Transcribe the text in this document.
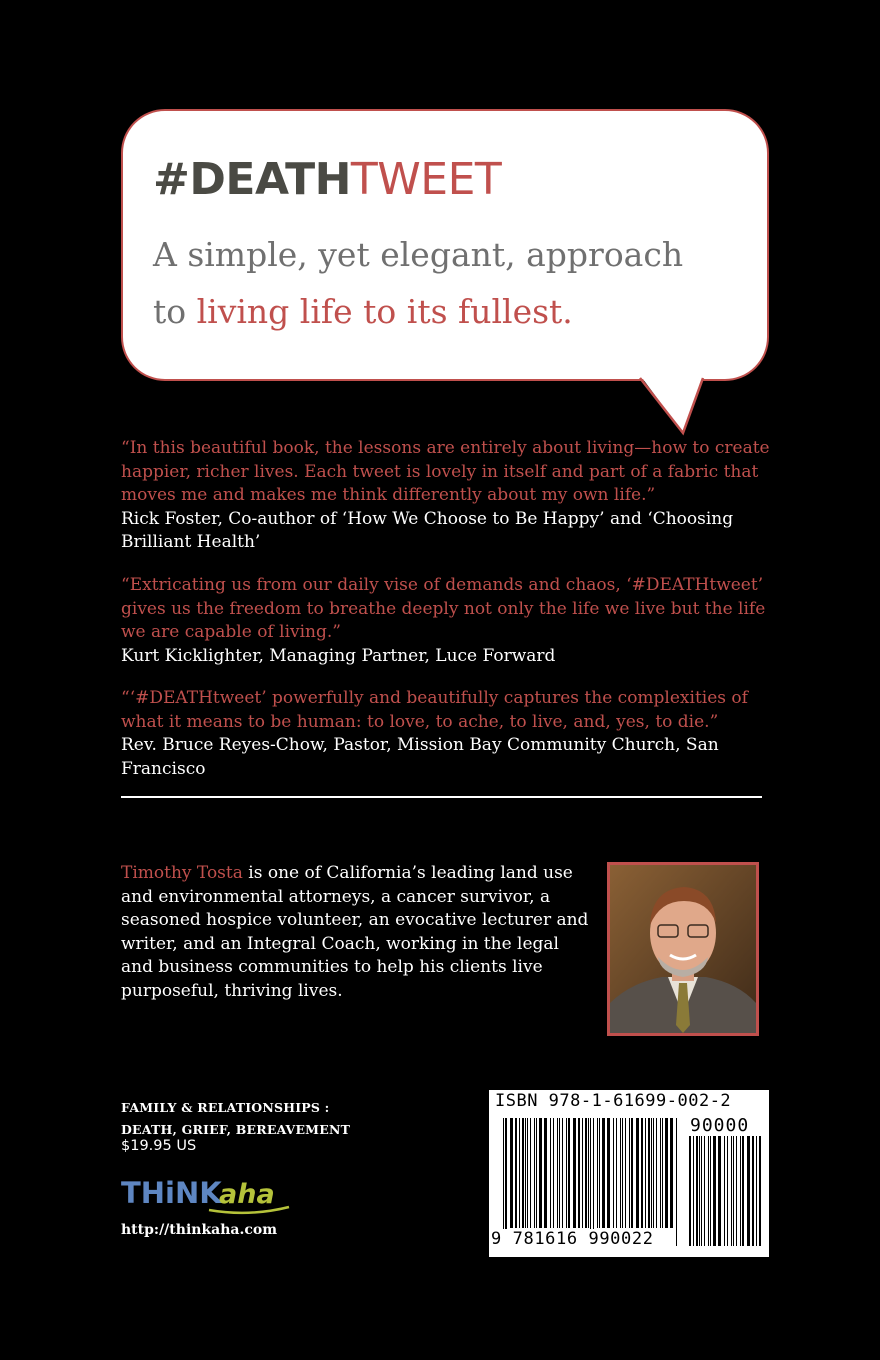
#DEATHTWEET

A simple, yet elegant, approach
to living life to its fullest.

“In this beautiful book, the lessons are entirely about living—how to create happier, richer lives. Each tweet is lovely in itself and part of a fabric that moves me and makes me think differently about my own life.”
Rick Foster, Co-author of ‘How We Choose to Be Happy’ and ‘Choosing Brilliant Health’

“Extricating us from our daily vise of demands and chaos, ‘#DEATHtweet’ gives us the freedom to breathe deeply not only the life we live but the life we are capable of living.”
Kurt Kicklighter, Managing Partner, Luce Forward

“‘#DEATHtweet’ powerfully and beautifully captures the complexities of what it means to be human: to love, to ache, to live, and, yes, to die.”
Rev. Bruce Reyes-Chow, Pastor, Mission Bay Community Church, San Francisco

Timothy Tosta is one of California’s leading land use and environmental attorneys, a cancer survivor, a seasoned hospice volunteer, an evocative lecturer and writer, and an Integral Coach, working in the legal and business communities to help his clients live purposeful, thriving lives.

FAMILY & RELATIONSHIPS :
DEATH, GRIEF, BEREAVEMENT

$19.95 US

THiNK
aha

http://thinkaha.com

ISBN 978-1-61699-002-2

90000

9 781616 990022
